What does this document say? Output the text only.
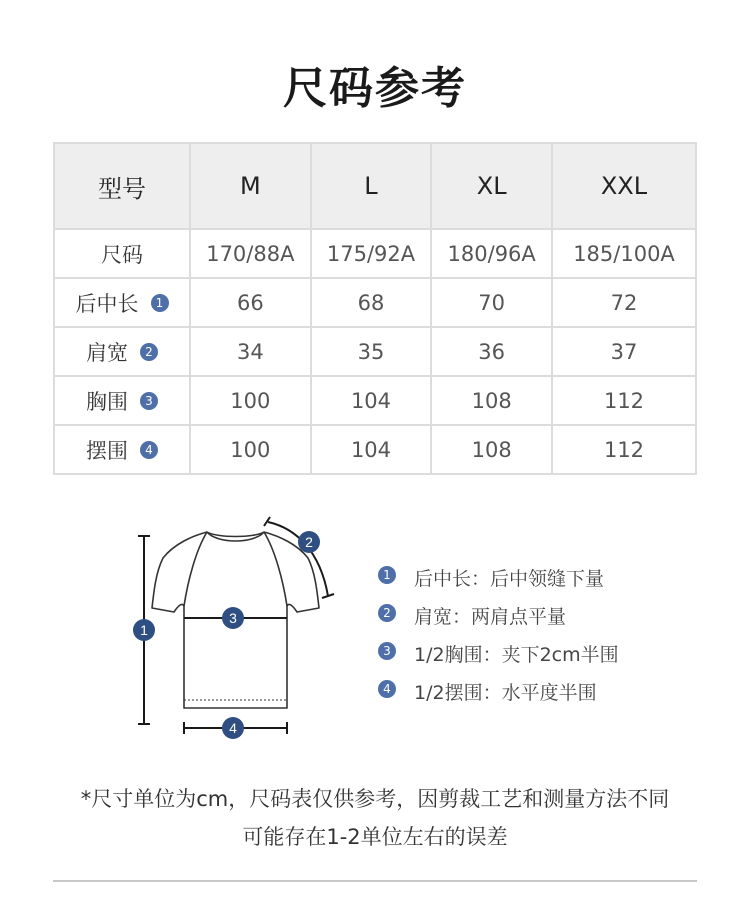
尺码参考
型号	M	L	XL	XXL
尺码	170/88A	175/92A	180/96A	185/100A
后中长 1	66	68	70	72
肩宽 2	34	35	36	37
胸围 3	100	104	108	112
摆围 4	100	104	108	112
1
2
3
4
1 后中长：后中领缝下量
2 肩宽：两肩点平量
3 1/2胸围：夹下2cm半围
4 1/2摆围：水平度半围
*尺寸单位为cm，尺码表仅供参考，因剪裁工艺和测量方法不同
可能存在1-2单位左右的误差
